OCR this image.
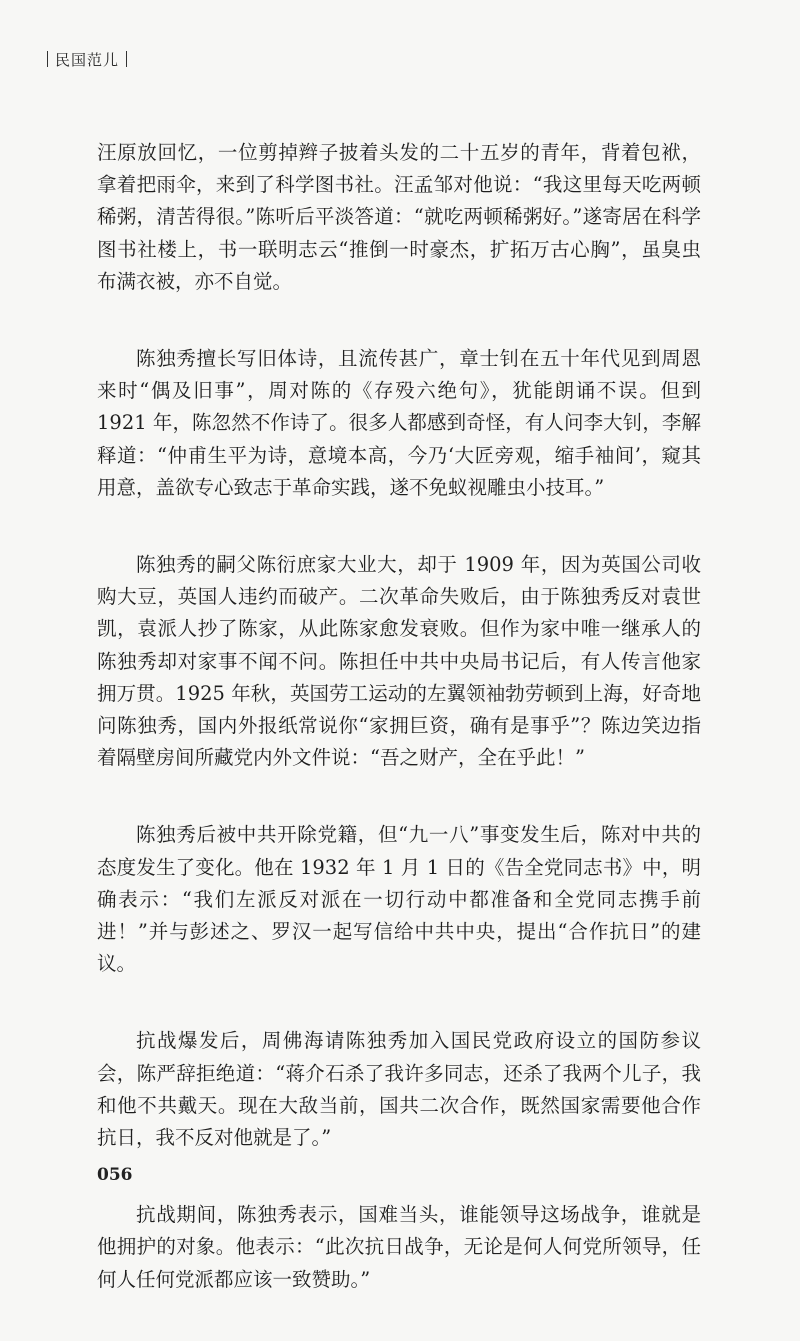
民国范儿

汪原放回忆，一位剪掉辫子披着头发的二十五岁的青年，背着包袱，拿着把雨伞，来到了科学图书社。汪孟邹对他说：“我这里每天吃两顿稀粥，清苦得很。”陈听后平淡答道：“就吃两顿稀粥好。”遂寄居在科学图书社楼上，书一联明志云“推倒一时豪杰，扩拓万古心胸”，虽臭虫布满衣被，亦不自觉。

陈独秀擅长写旧体诗，且流传甚广，章士钊在五十年代见到周恩来时“偶及旧事”，周对陈的《存殁六绝句》，犹能朗诵不误。但到 1921 年，陈忽然不作诗了。很多人都感到奇怪，有人问李大钊，李解释道：“仲甫生平为诗，意境本高，今乃‘大匠旁观，缩手袖间’，窥其用意，盖欲专心致志于革命实践，遂不免蚁视雕虫小技耳。”

陈独秀的嗣父陈衍庶家大业大，却于 1909 年，因为英国公司收购大豆，英国人违约而破产。二次革命失败后，由于陈独秀反对袁世凯，袁派人抄了陈家，从此陈家愈发衰败。但作为家中唯一继承人的陈独秀却对家事不闻不问。陈担任中共中央局书记后，有人传言他家拥万贯。1925 年秋，英国劳工运动的左翼领袖勃劳顿到上海，好奇地问陈独秀，国内外报纸常说你“家拥巨资，确有是事乎”？陈边笑边指着隔壁房间所藏党内外文件说：“吾之财产，全在乎此！”

陈独秀后被中共开除党籍，但“九一八”事变发生后，陈对中共的态度发生了变化。他在 1932 年 1 月 1 日的《告全党同志书》中，明确表示：“我们左派反对派在一切行动中都准备和全党同志携手前进！”并与彭述之、罗汉一起写信给中共中央，提出“合作抗日”的建议。

抗战爆发后，周佛海请陈独秀加入国民党政府设立的国防参议会，陈严辞拒绝道：“蒋介石杀了我许多同志，还杀了我两个儿子，我和他不共戴天。现在大敌当前，国共二次合作，既然国家需要他合作抗日，我不反对他就是了。”

抗战期间，陈独秀表示，国难当头，谁能领导这场战争，谁就是他拥护的对象。他表示：“此次抗日战争，无论是何人何党所领导，任何人任何党派都应该一致赞助。”

056
